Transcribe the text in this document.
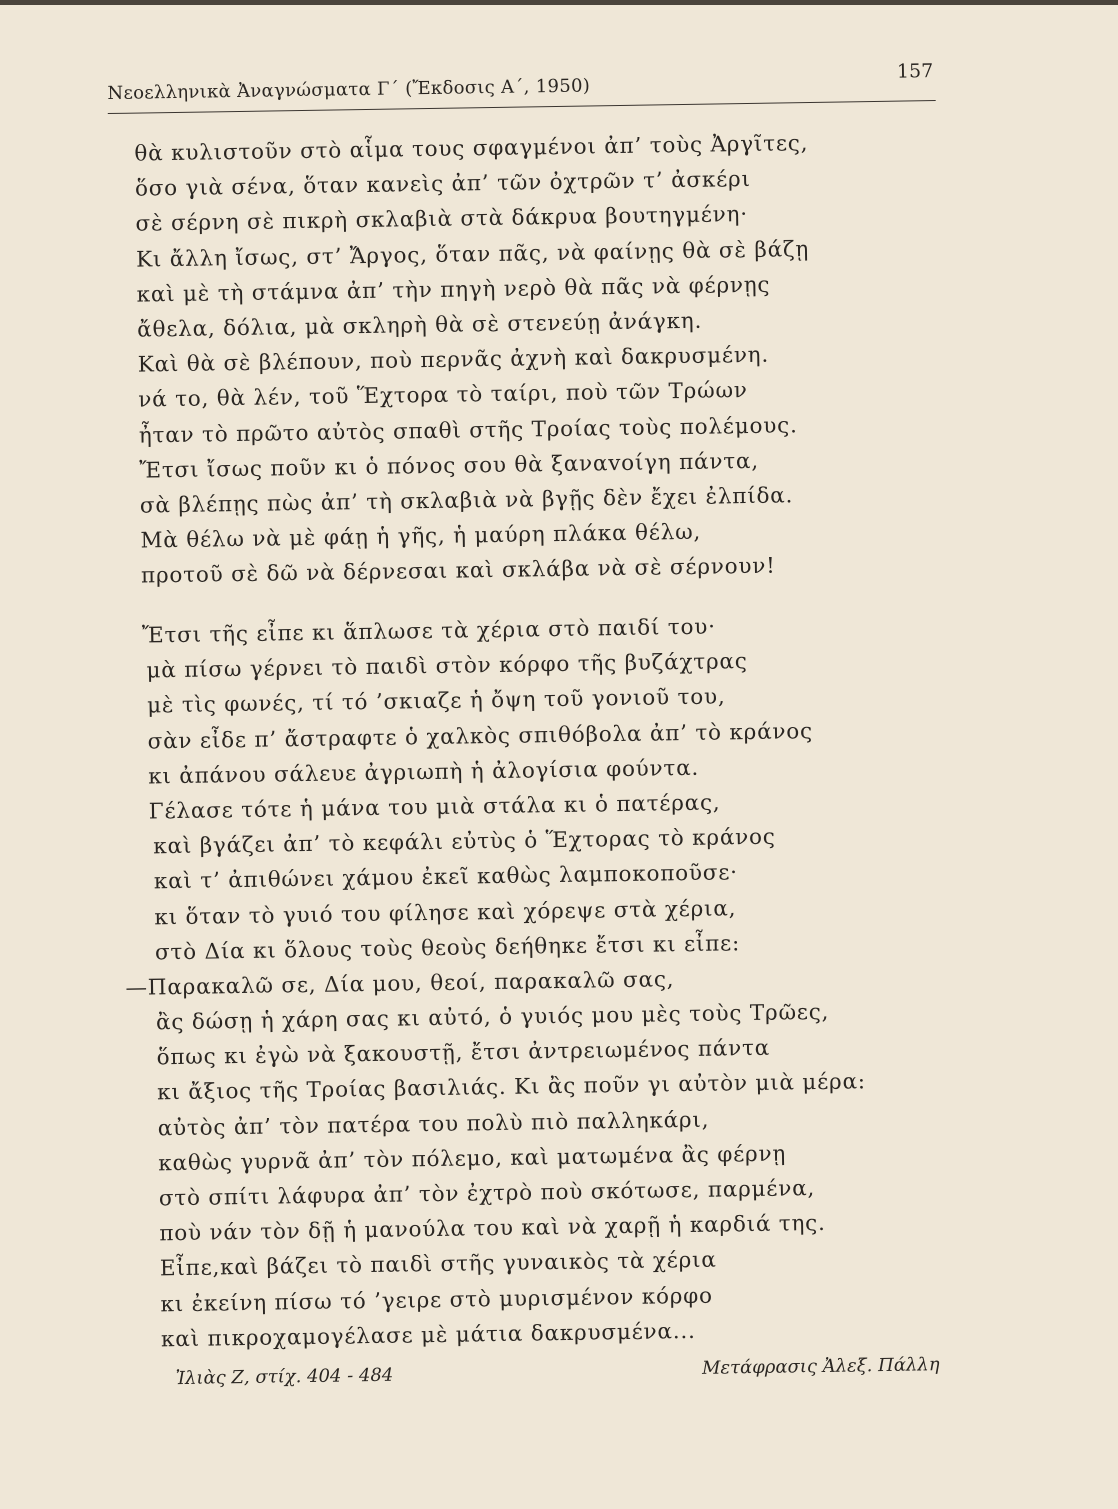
Νεοελληνικὰ Ἀναγνώσματα Γ΄ (Ἔκδοσις Α΄, 1950)
157
θὰ κυλιστοῦν στὸ αἷμα τους σφαγμένοι ἀπ’ τοὺς Ἀργῖτες,
ὅσο γιὰ σένα, ὅταν κανεὶς ἀπ’ τῶν ὀχτρῶν τ’ ἀσκέρι
σὲ σέρνη σὲ πικρὴ σκλαβιὰ στὰ δάκρυα βουτηγμένη·
Κι ἄλλη ἴσως, στ’ Ἄργος, ὅταν πᾶς, νὰ φαίνῃς θὰ σὲ βάζῃ
καὶ μὲ τὴ στάμνα ἀπ’ τὴν πηγὴ νερὸ θὰ πᾶς νὰ φέρνῃς
ἄθελα, δόλια, μὰ σκληρὴ θὰ σὲ στενεύῃ ἀνάγκη.
Καὶ θὰ σὲ βλέπουν, ποὺ περνᾶς ἀχνὴ καὶ δακρυσμένη.
νά το, θὰ λέν, τοῦ Ἕχτορα τὸ ταίρι, ποὺ τῶν Τρώων
ἦταν τὸ πρῶτο αὐτὸς σπαθὶ στῆς Τροίας τοὺς πολέμους.
Ἔτσι ἴσως ποῦν κι ὁ πόνος σου θὰ ξαναvoίγη πάντα,
σὰ βλέπῃς πὼς ἀπ’ τὴ σκλαβιὰ νὰ βγῇς δὲν ἔχει ἐλπίδα.
Μὰ θέλω νὰ μὲ φάῃ ἡ γῆς, ἡ μαύρη πλάκα θέλω,
προτοῦ σὲ δῶ νὰ δέρνεσαι καὶ σκλάβα νὰ σὲ σέρνουν!
Ἔτσι τῆς εἶπε κι ἅπλωσε τὰ χέρια στὸ παιδί του·
μὰ πίσω γέρνει τὸ παιδὶ στὸν κόρφο τῆς βυζάχτρας
μὲ τὶς φωνές, τί τό ’σκιαζε ἡ ὄψη τοῦ γονιοῦ του,
σὰν εἶδε π’ ἄστραφτε ὁ χαλκὸς σπιθόβολα ἀπ’ τὸ κράνος
κι ἀπάνου σάλευε ἀγριωπὴ ἡ ἀλογίσια φούντα.
Γέλασε τότε ἡ μάνα του μιὰ στάλα κι ὁ πατέρας,
καὶ βγάζει ἀπ’ τὸ κεφάλι εὐτὺς ὁ Ἕχτορας τὸ κράνος
καὶ τ’ ἀπιθώνει χάμου ἐκεῖ καθὼς λαμποκοποῦσε·
κι ὅταν τὸ γυιό του φίλησε καὶ χόρεψε στὰ χέρια,
στὸ Δία κι ὅλους τοὺς θεοὺς δεήθηκε ἔτσι κι εἶπε:
—Παρακαλῶ σε, Δία μου, θεοί, παρακαλῶ σας,
ἂς δώσῃ ἡ χάρη σας κι αὐτό, ὁ γυιός μου μὲς τοὺς Τρῶες,
ὅπως κι ἐγὼ νὰ ξακουστῇ, ἔτσι ἀντρειωμένος πάντα
κι ἄξιος τῆς Τροίας βασιλιάς. Κι ἂς ποῦν γι αὐτὸν μιὰ μέρα:
αὐτὸς ἀπ’ τὸν πατέρα του πολὺ πιὸ παλληκάρι,
καθὼς γυρνᾶ ἀπ’ τὸν πόλεμο, καὶ ματωμένα ἂς φέρνῃ
στὸ σπίτι λάφυρα ἀπ’ τὸν ἐχτρὸ ποὺ σκότωσε, παρμένα,
ποὺ νάν τὸν δῇ ἡ μανούλα του καὶ νὰ χαρῇ ἡ καρδιά της.
Εἶπε,καὶ βάζει τὸ παιδὶ στῆς γυναικὸς τὰ χέρια
κι ἐκείνη πίσω τό ’γειρε στὸ μυρισμένον κόρφο
καὶ πικροχαμογέλασε μὲ μάτια δακρυσμένα...
Ἰλιὰς Ζ, στίχ. 404 - 484	Μετάφρασις Ἀλεξ. Πάλλη
